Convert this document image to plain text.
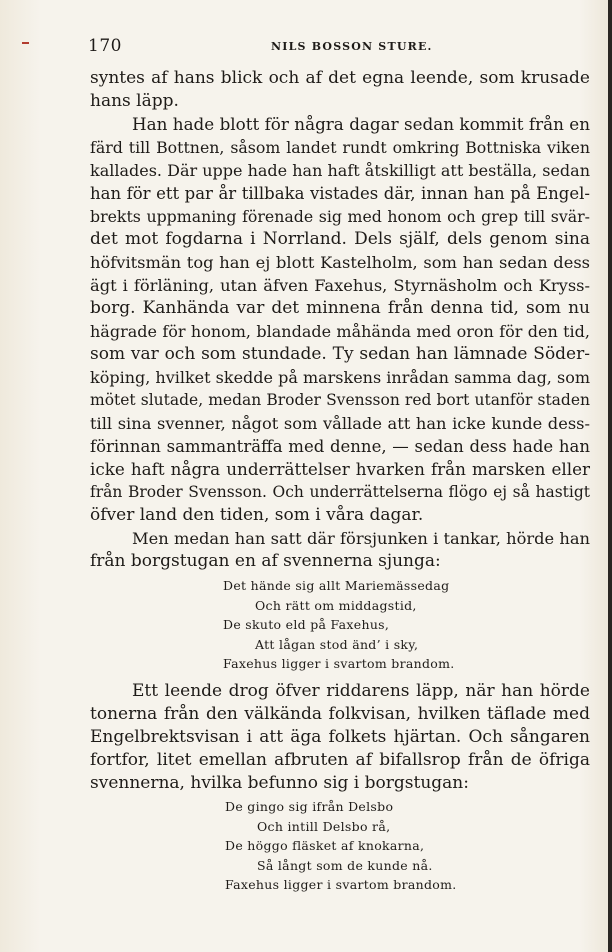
170	NILS BOSSON STURE.
syntes af hans blick och af det egna leende, som krusade
hans läpp.
Han hade blott för några dagar sedan kommit från en
färd till Bottnen, såsom landet rundt omkring Bottniska viken
kallades. Där uppe hade han haft åtskilligt att beställa, sedan
han för ett par år tillbaka vistades där, innan han på Engel-
brekts uppmaning förenade sig med honom och grep till svär-
det mot fogdarna i Norrland. Dels själf, dels genom sina
höfvitsmän tog han ej blott Kastelholm, som han sedan dess
ägt i förläning, utan äfven Faxehus, Styrnäsholm och Kryss-
borg. Kanhända var det minnena från denna tid, som nu
hägrade för honom, blandade måhända med oron för den tid,
som var och som stundade. Ty sedan han lämnade Söder-
köping, hvilket skedde på marskens inrådan samma dag, som
mötet slutade, medan Broder Svensson red bort utanför staden
till sina svenner, något som vållade att han icke kunde dess-
förinnan sammanträffa med denne, — sedan dess hade han
icke haft några underrättelser hvarken från marsken eller
från Broder Svensson. Och underrättelserna flögo ej så hastigt
öfver land den tiden, som i våra dagar.
Men medan han satt där försjunken i tankar, hörde han
från borgstugan en af svennerna sjunga:
Det hände sig allt Mariemässedag
Och rätt om middagstid,
De skuto eld på Faxehus,
Att lågan stod änd’ i sky,
Faxehus ligger i svartom brandom.
Ett leende drog öfver riddarens läpp, när han hörde
tonerna från den välkända folkvisan, hvilken täflade med
Engelbrektsvisan i att äga folkets hjärtan. Och sångaren
fortfor, litet emellan afbruten af bifallsrop från de öfriga
svennerna, hvilka befunno sig i borgstugan:
De gingo sig ifrån Delsbo
Och intill Delsbo rå,
De höggo fläsket af knokarna,
Så långt som de kunde nå.
Faxehus ligger i svartom brandom.
